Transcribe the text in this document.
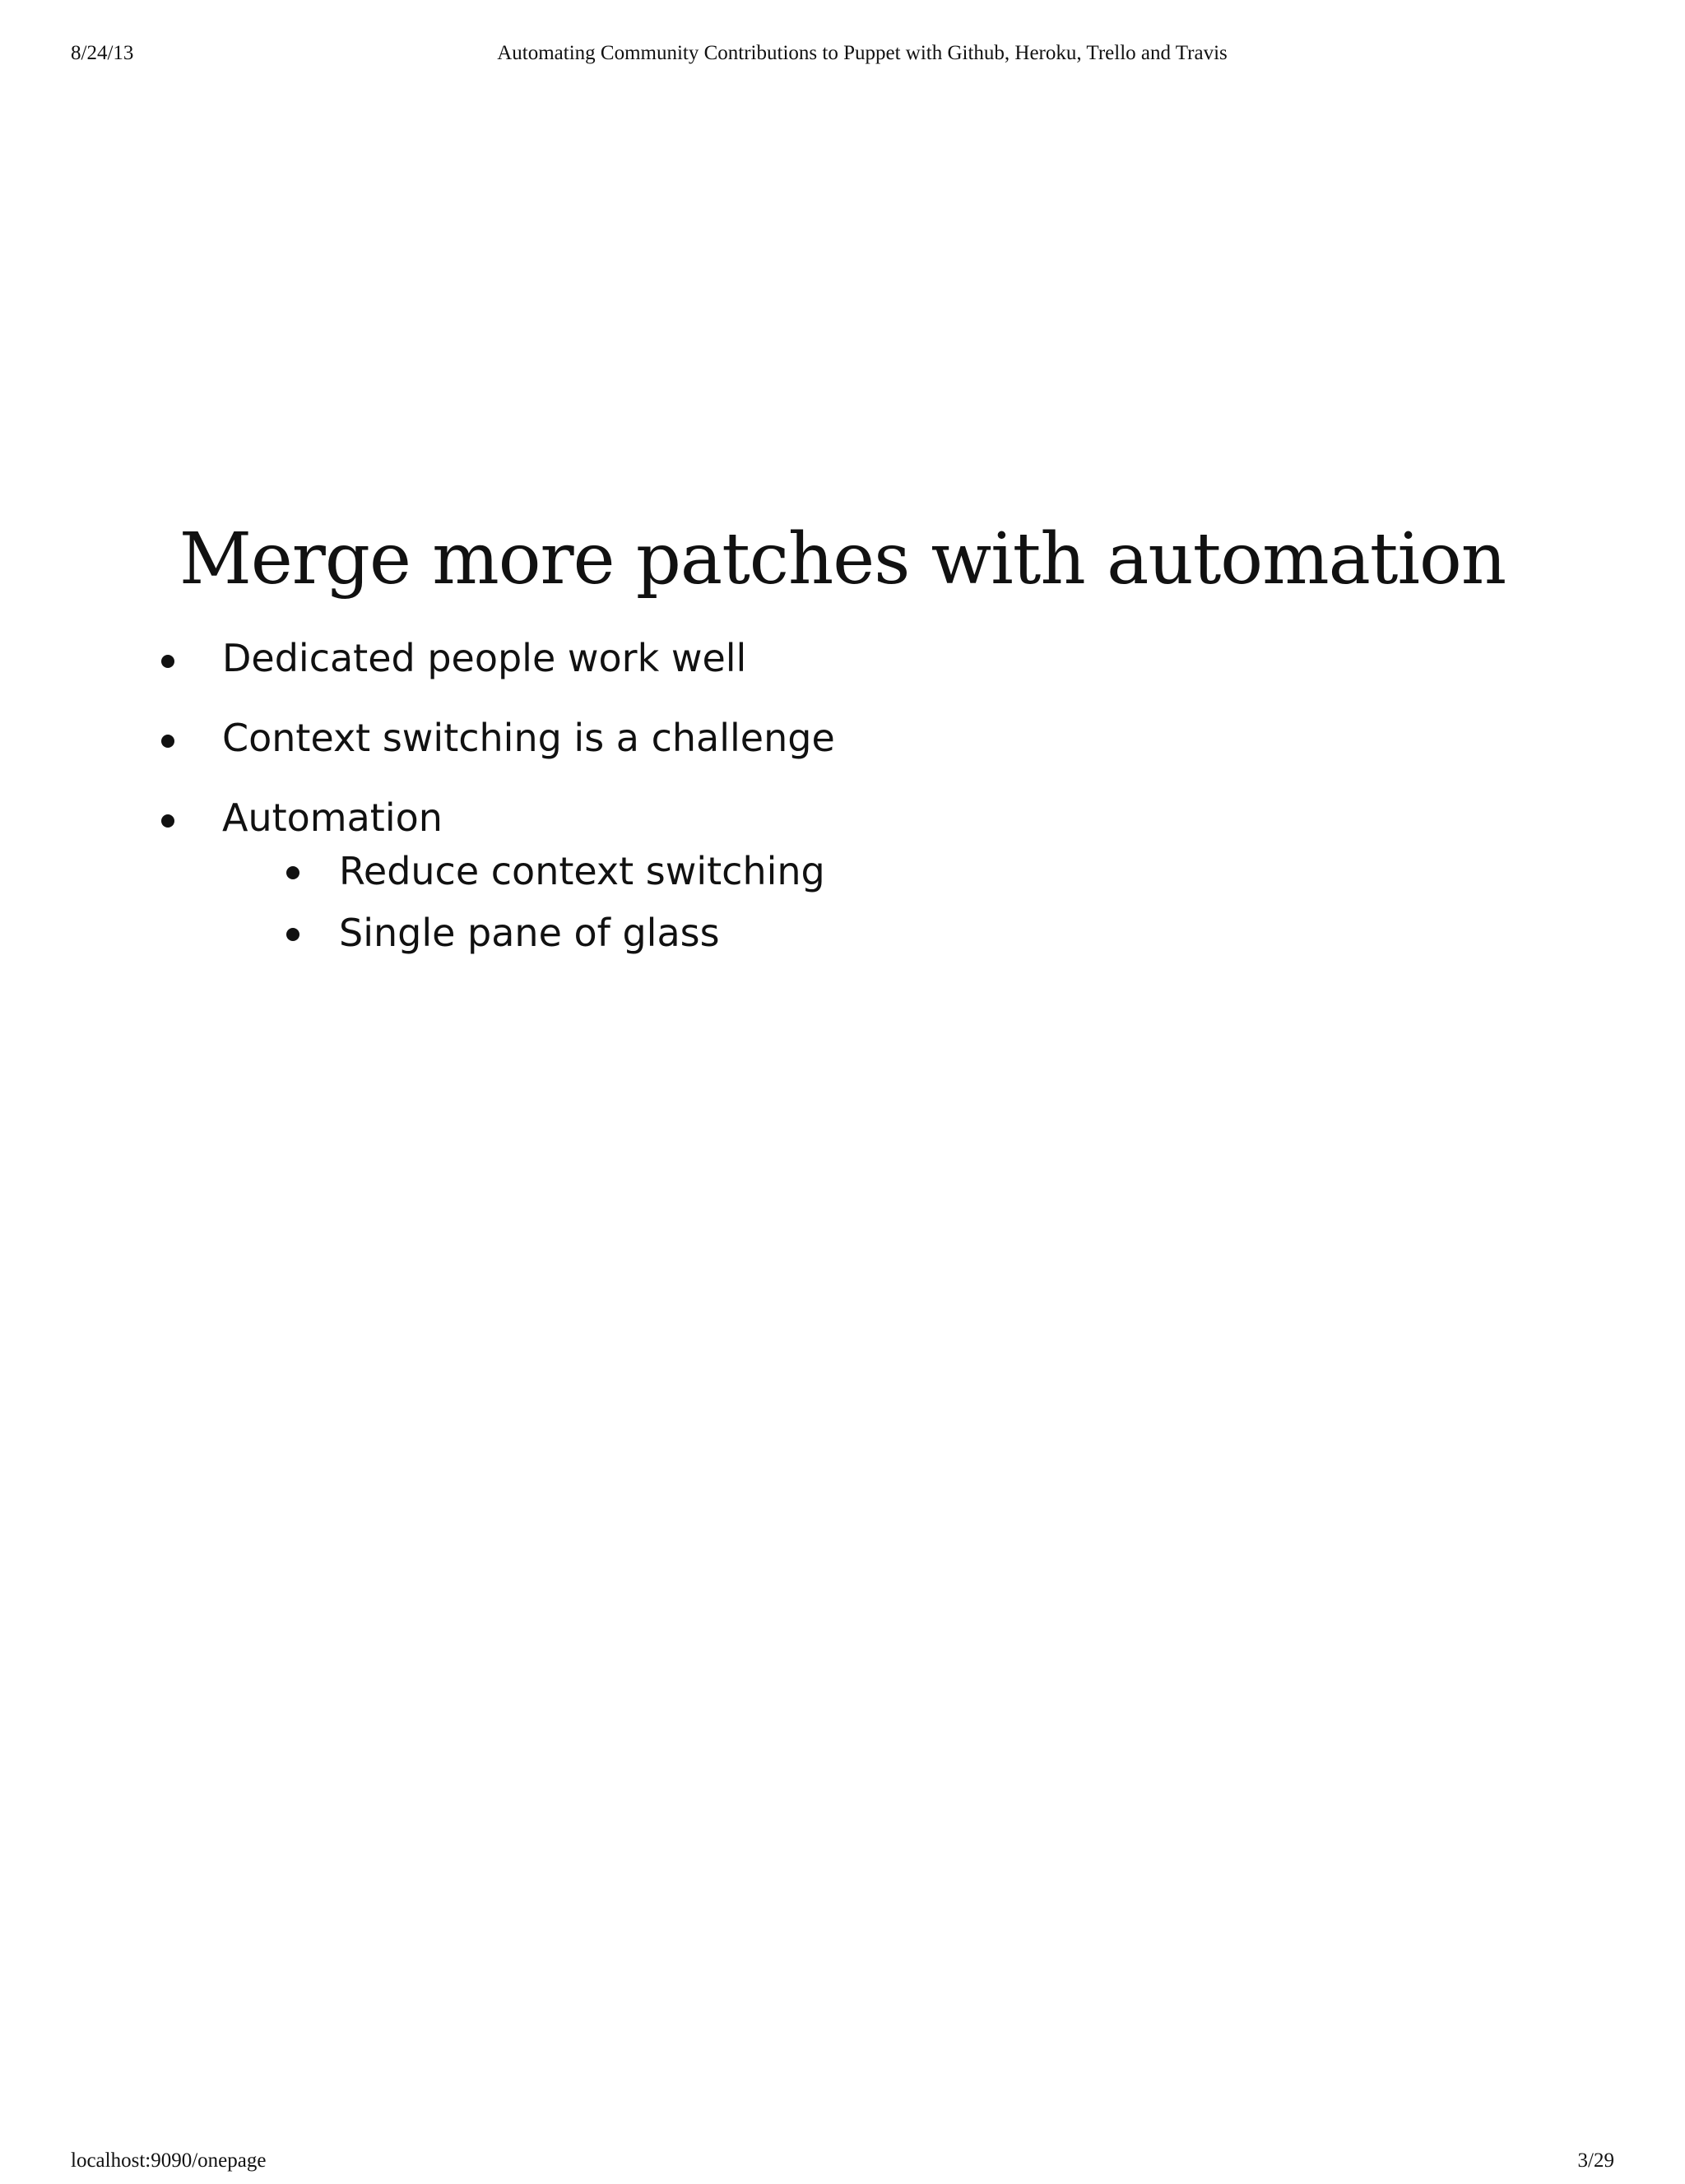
8/24/13	Automating Community Contributions to Puppet with Github, Heroku, Trello and Travis
Merge more patches with automation
Dedicated people work well
Context switching is a challenge
Automation
Reduce context switching
Single pane of glass
localhost:9090/onepage	3/29
